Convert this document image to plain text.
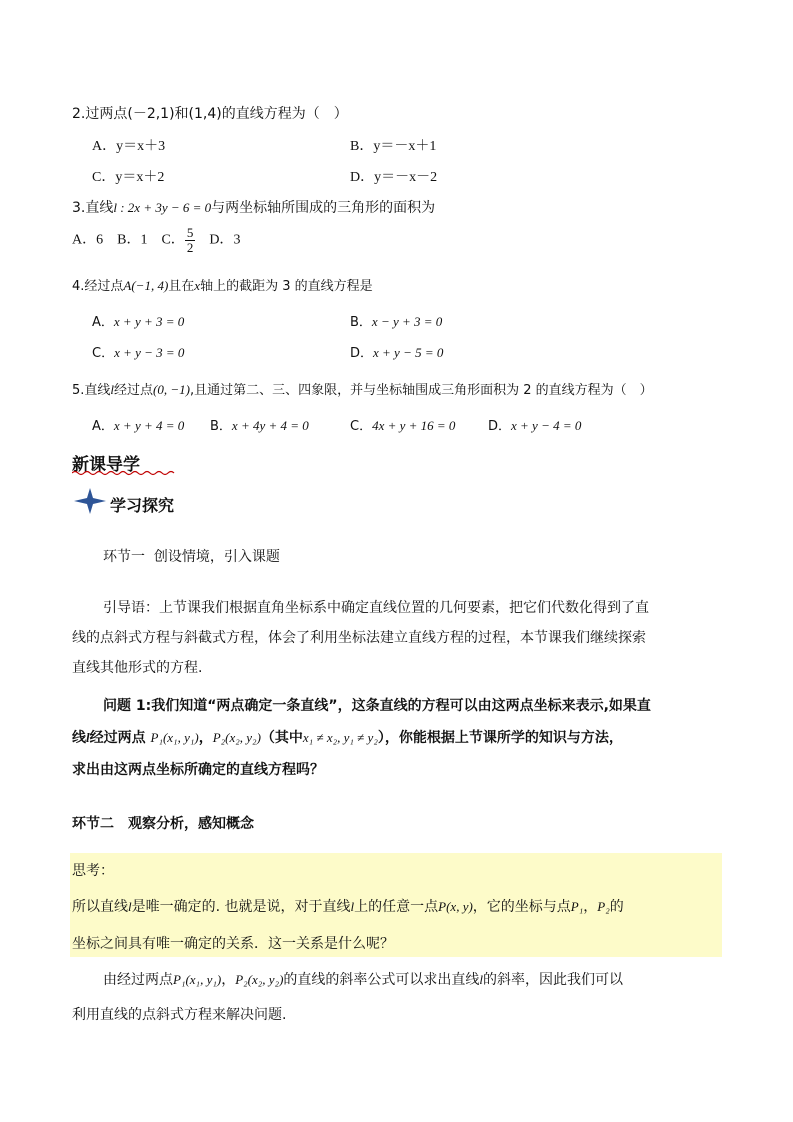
2.过两点(－2,1)和(1,4)的直线方程为（　）
A．y＝x＋3	B．y＝－x＋1
C．y＝x＋2	D．y＝－x－2
3.直线l : 2x + 3y − 6 = 0与两坐标轴所围成的三角形的面积为
A．6 B．1 C． $\frac{5}{2}$ D．3
4.经过点A(−1, 4)且在x轴上的截距为 3 的直线方程是
A．x + y + 3 = 0	B．x − y + 3 = 0
C．x + y − 3 = 0	D．x + y − 5 = 0
5.直线l经过点(0, −1),且通过第二、三、四象限，并与坐标轴围成三角形面积为 2 的直线方程为（　）
A．x + y + 4 = 0 B．x + 4y + 4 = 0	C．4x + y + 16 = 0	D．x + y − 4 = 0
新课导学
学习探究
环节一 创设情境，引入课题
引导语：上节课我们根据直角坐标系中确定直线位置的几何要素，把它们代数化得到了直
线的点斜式方程与斜截式方程，体会了利用坐标法建立直线方程的过程，本节课我们继续探索
直线其他形式的方程.
问题 1:我们知道“两点确定一条直线”，这条直线的方程可以由这两点坐标来表示,如果直
线l经过两点 P₁(x₁, y₁)，P₂(x₂, y₂)（其中x₁ ≠ x₂, y₁ ≠ y₂），你能根据上节课所学的知识与方法，
求出由这两点坐标所确定的直线方程吗？
环节二　观察分析，感知概念
思考：
所以直线l是唯一确定的. 也就是说，对于直线l上的任意一点P(x, y)，它的坐标与点P₁，P₂的
坐标之间具有唯一确定的关系．这一关系是什么呢？
由经过两点P₁(x₁, y₁)，P₂(x₂, y₂)的直线的斜率公式可以求出直线l的斜率，因此我们可以
利用直线的点斜式方程来解决问题.
